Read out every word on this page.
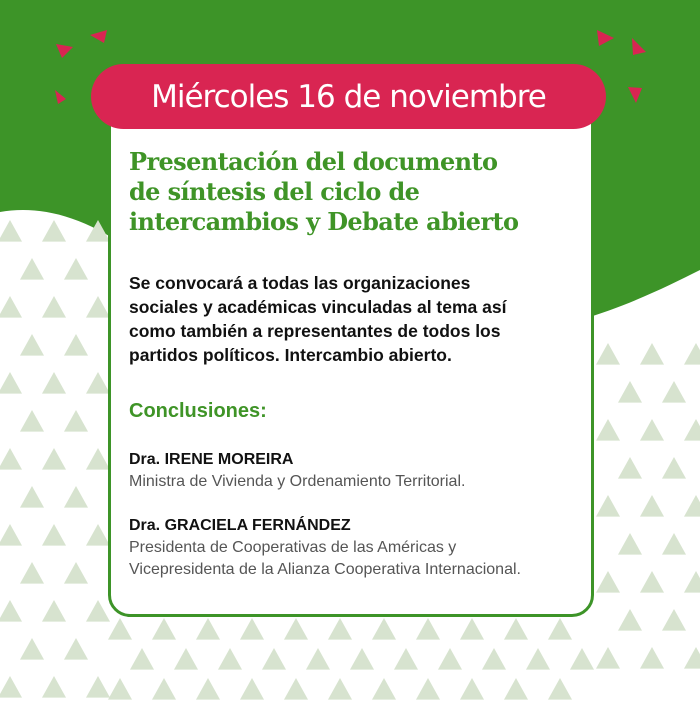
Miércoles 16 de noviembre
Presentación del documento
de síntesis del ciclo de
intercambios y Debate abierto

Se convocará a todas las organizaciones
sociales y académicas vinculadas al tema así
como también a representantes de todos los
partidos políticos. Intercambio abierto.

Conclusiones:

Dra. IRENE MOREIRA

Ministra de Vivienda y Ordenamiento Territorial.

Dra. GRACIELA FERNÁNDEZ

Presidenta de Cooperativas de las Américas y
Vicepresidenta de la Alianza Cooperativa Internacional.
